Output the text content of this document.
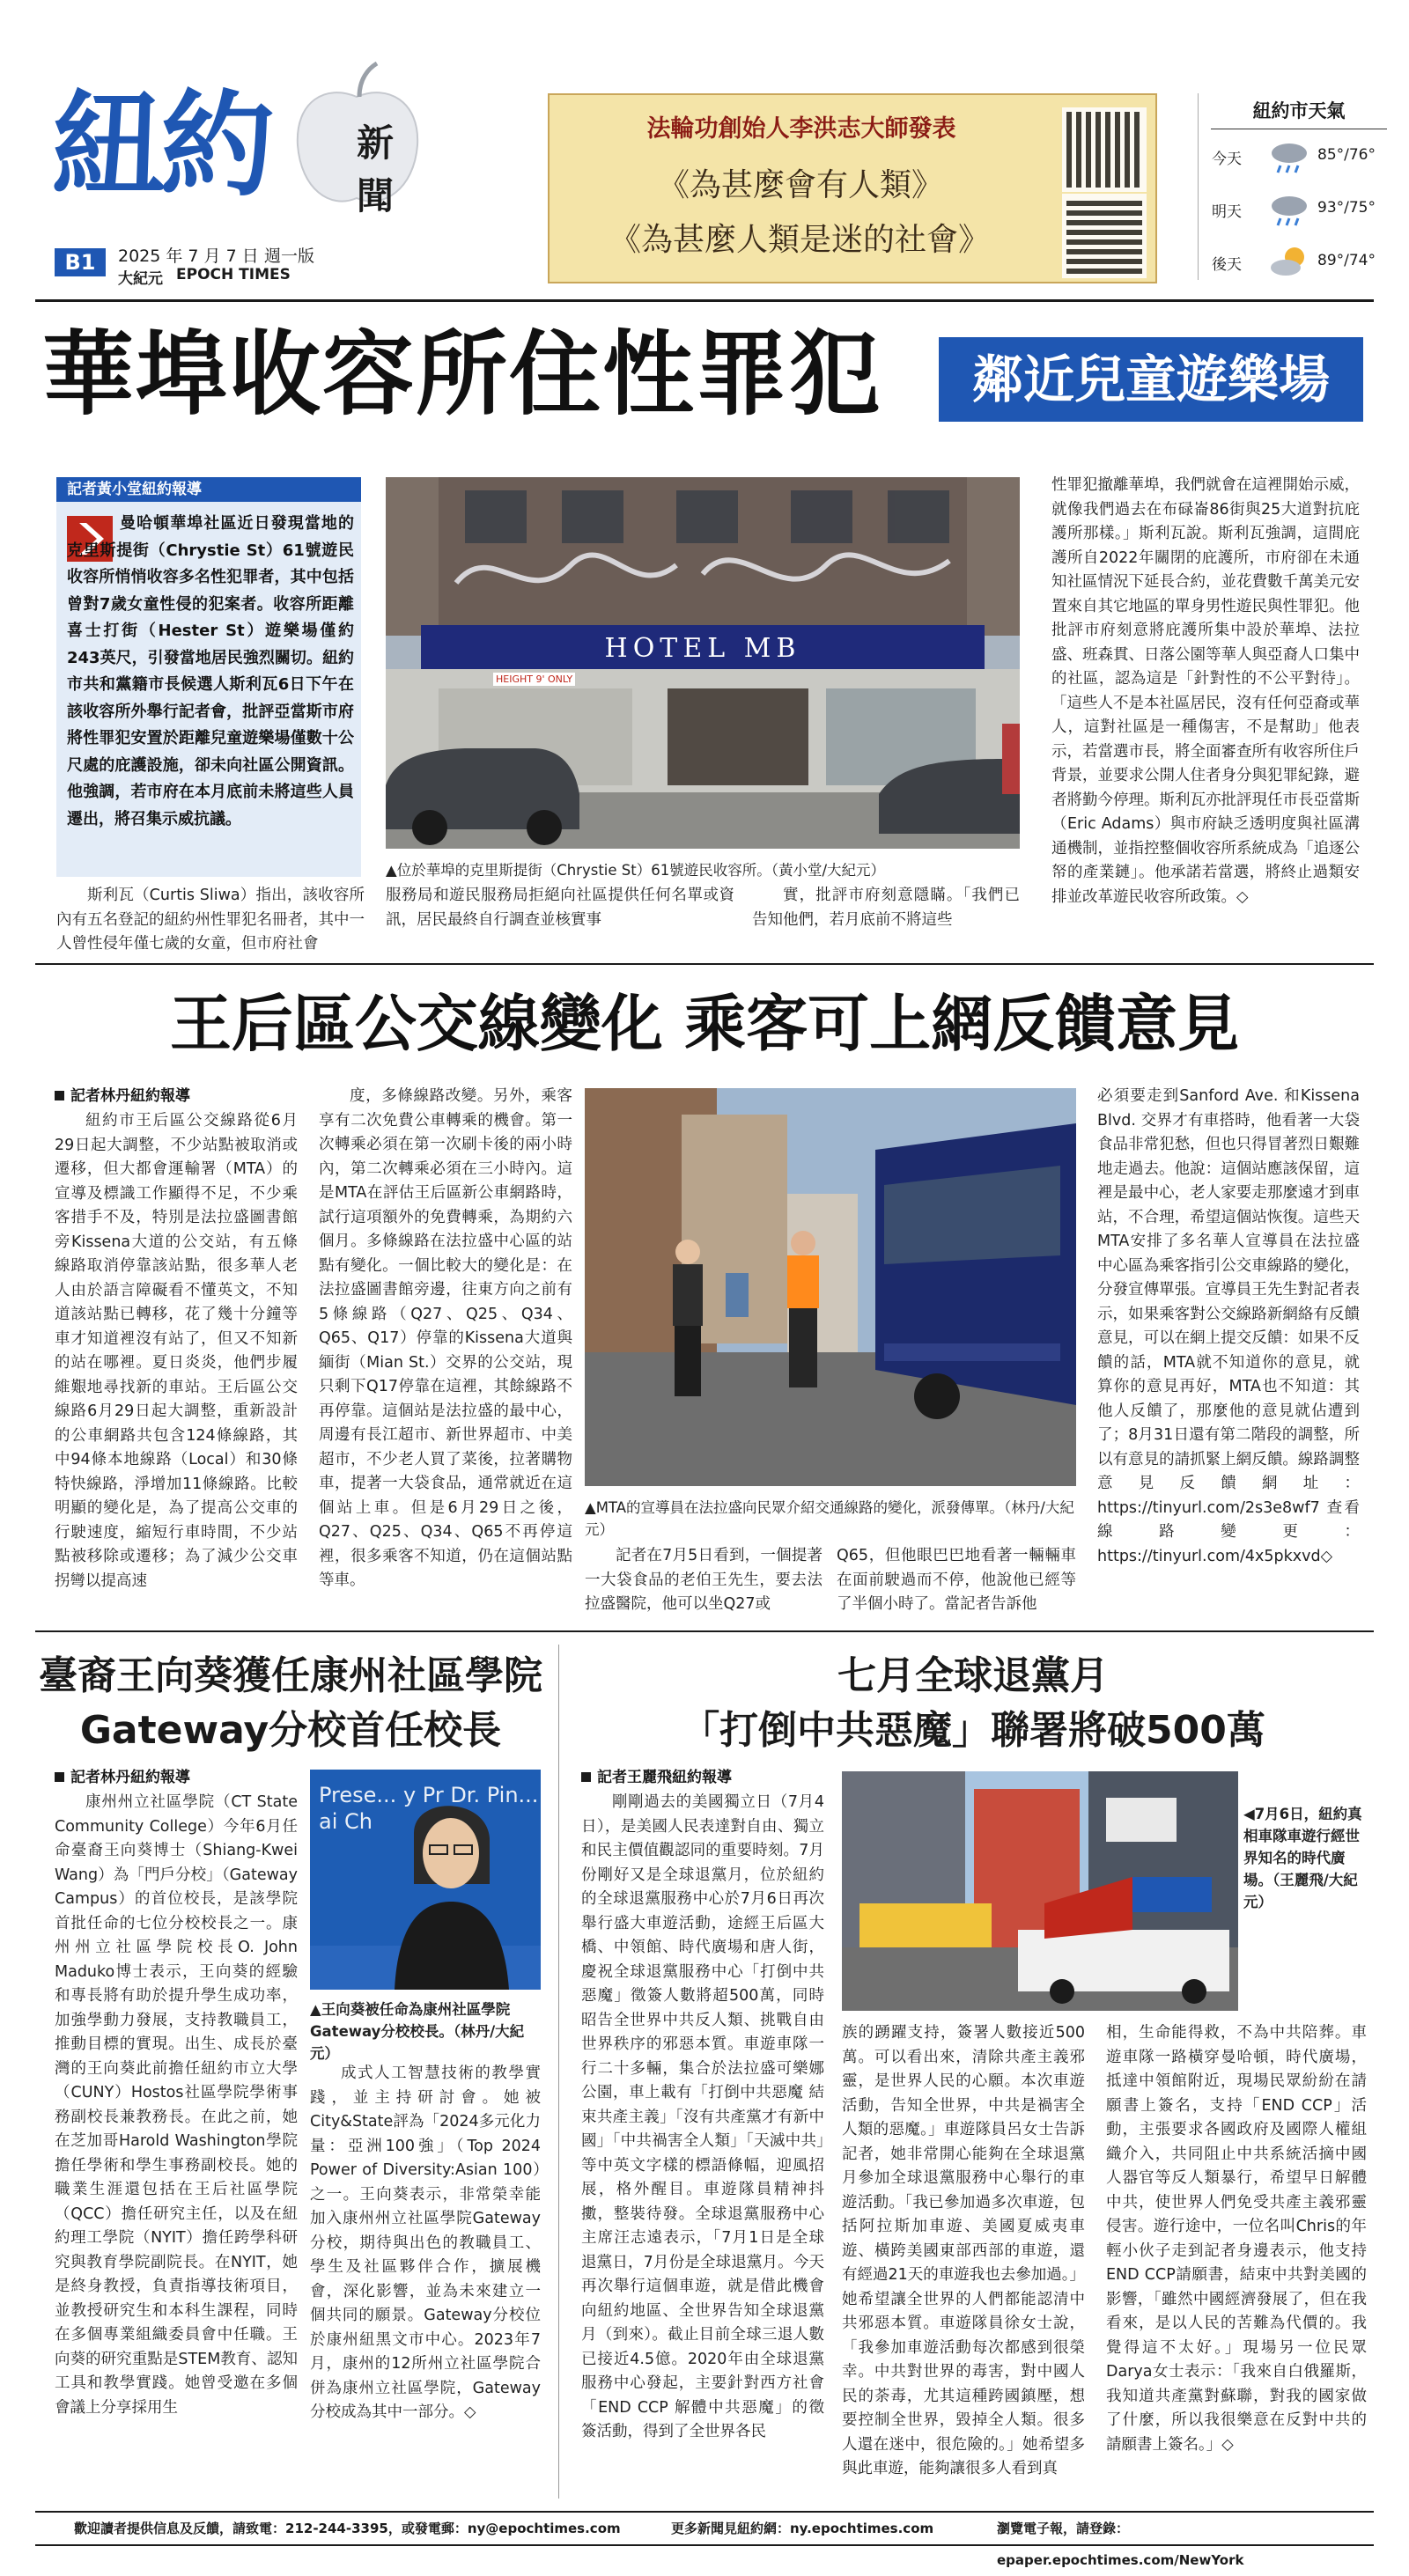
紐約 新
聞
B1	2025 年 7 月 7 日 週一版
大紀元 EPOCH TIMES
法輪功創始人李洪志大師發表
《為甚麼會有人類》
《為甚麼人類是迷的社會》
紐約市天氣
今天	85°/76°
明天	93°/75°
後天	89°/74°
華埠收容所住性罪犯	鄰近兒童遊樂場
記者黃小堂紐約報導
曼哈頓華埠社區近日發現當地的克里斯提街（Chrystie St）61號遊民收容所悄悄收容多名性犯罪者，其中包括曾對7歲女童性侵的犯案者。收容所距離喜士打街（Hester St）遊樂場僅約243英尺，引發當地居民強烈關切。紐約市共和黨籍市長候選人斯利瓦6日下午在該收容所外舉行記者會，批評亞當斯市府將性罪犯安置於距離兒童遊樂場僅數十公尺處的庇護設施，卻未向社區公開資訊。他強調，若市府在本月底前未將這些人員遷出，將召集示威抗議。
斯利瓦（Curtis Sliwa）指出，該收容所內有五名登記的紐約州性罪犯名冊者，其中一人曾性侵年僅七歲的女童，但市府社會
HOTEL MB
HEIGHT 9' ONLY
▲位於華埠的克里斯提街（Chrystie St）61號遊民收容所。（黃小堂/大紀元）
服務局和遊民服務局拒絕向社區提供任何名單或資訊，居民最終自行調查並核實事
實，批評市府刻意隱瞞。「我們已告知他們，若月底前不將這些
性罪犯撤離華埠，我們就會在這裡開始示威，就像我們過去在布碌崙86街與25大道對抗庇護所那樣。」斯利瓦說。斯利瓦強調，這間庇護所自2022年關閉的庇護所，市府卻在未通知社區情況下延長合約，並花費數千萬美元安置來自其它地區的單身男性遊民與性罪犯。他批評市府刻意將庇護所集中設於華埠、法拉盛、班森貫、日落公園等華人與亞裔人口集中的社區，認為這是「針對性的不公平對待」。「這些人不是本社區居民，沒有任何亞裔或華人，這對社區是一種傷害，不是幫助」他表示，若當選市長，將全面審查所有收容所住戶背景，並要求公開人住者身分與犯罪紀錄，避者將勤今停理。斯利瓦亦批評現任市長亞當斯（Eric Adams）與市府缺乏透明度與社區溝通機制，並指控整個收容所系統成為「追逐公帑的產業鏈」。他承諾若當選，將終止過類安排並改革遊民收容所政策。◇
王后區公交線變化 乘客可上網反饋意見
記者林丹紐約報導
紐約市王后區公交線路從6月29日起大調整，不少站點被取消或遷移，但大都會運輸署（MTA）的宣導及標識工作顯得不足，不少乘客措手不及，特別是法拉盛圖書館旁Kissena大道的公交站，有五條線路取消停靠該站點，很多華人老人由於語言障礙看不懂英文，不知道該站點已轉移，花了幾十分鐘等車才知道裡沒有站了，但又不知新的站在哪裡。夏日炎炎，他們步履維艱地尋找新的車站。王后區公交線路6月29日起大調整，重新設計的公車網路共包含124條線路，其中94條本地線路（Local）和30條特快線路，淨增加11條線路。比較明顯的變化是，為了提高公交車的行駛速度，縮短行車時間，不少站點被移除或遷移；為了減少公交車拐彎以提高速
度，多條線路改變。另外，乘客享有二次免費公車轉乘的機會。第一次轉乘必須在第一次刷卡後的兩小時內，第二次轉乘必須在三小時內。這是MTA在評估王后區新公車網路時，試行這項額外的免費轉乘，為期約六個月。多條線路在法拉盛中心區的站點有變化。一個比較大的變化是：在法拉盛圖書館旁邊，往東方向之前有5條線路（Q27、Q25、Q34、Q65、Q17）停靠的Kissena大道與緬街（Mian St.）交界的公交站，現只剩下Q17停靠在這裡，其餘線路不再停靠。這個站是法拉盛的最中心，周邊有長江超市、新世界超市、中美超市，不少老人買了菜後，拉著購物車，提著一大袋食品，通常就近在這個站上車。但是6月29日之後，Q27、Q25、Q34、Q65不再停這裡，很多乘客不知道，仍在這個站點等車。
▲MTA的宣導員在法拉盛向民眾介紹交通線路的變化，派發傳單。（林丹/大紀元）
記者在7月5日看到，一個提著一大袋食品的老伯王先生，要去法拉盛醫院，他可以坐Q27或
Q65，但他眼巴巴地看著一輛輛車在面前駛過而不停，他說他已經等了半個小時了。當記者告訴他
必須要走到Sanford Ave. 和Kissena Blvd. 交界才有車搭時，他看著一大袋食品非常犯愁，但也只得冒著烈日艱難地走過去。他說：這個站應該保留，這裡是最中心，老人家要走那麼遠才到車站，不合理，希望這個站恢復。這些天MTA安排了多名華人宣導員在法拉盛中心區為乘客指引公交車線路的變化，分發宣傳單張。宣導員王先生對記者表示，如果乘客對公交線路新網絡有反饋意見，可以在網上提交反饋：如果不反饋的話，MTA就不知道你的意見，就算你的意見再好，MTA也不知道：其他人反饋了，那麼他的意見就佔遭到了；8月31日還有第二階段的調整，所以有意見的請抓緊上網反饋。線路調整意見反饋網址：https://tinyurl.com/2s3e8wf7 查看線路變更：https://tinyurl.com/4x5pkxvd◇
臺裔王向葵獲任康州社區學院
Gateway分校首任校長
記者林丹紐約報導
康州州立社區學院（CT State Community College）今年6月任命臺裔王向葵博士（Shiang-Kwei Wang）為「門戶分校」（Gateway Campus）的首位校長，是該學院首批任命的七位分校校長之一。康州州立社區學院校長O. John Maduko博士表示，王向葵的經驗和專長將有助於提升學生成功率，加強學動力發展，支持教職員工，推動目標的實現。出生、成長於臺灣的王向葵此前擔任紐約市立大學（CUNY）Hostos社區學院學術事務副校長兼教務長。在此之前，她在芝加哥Harold Washington學院擔任學術和學生事務副校長。她的職業生涯還包括在王后社區學院（QCC）擔任研究主任，以及在紐約理工學院（NYIT）擔任跨學科研究與教育學院副院長。在NYIT，她是終身教授，負責指導技術項目，並教授研究生和本科生課程，同時在多個專業組織委員會中任職。王向葵的研究重點是STEM教育、認知工具和教學實踐。她曾受邀在多個會議上分享採用生
Prese... y Pr Dr. Pin... ai Ch
▲王向葵被任命為康州社區學院Gateway分校校長。（林丹/大紀元）
成式人工智慧技術的教學實踐，並主持研討會。她被City&State評為「2024多元化力量：亞洲100強」（Top 2024 Power of Diversity:Asian 100）之一。王向葵表示，非常榮幸能加入康州州立社區學院Gateway分校，期待與出色的教職員工、學生及社區夥伴合作，擴展機會，深化影響，並為未來建立一個共同的願景。Gateway分校位於康州紐黑文市中心。2023年7月，康州的12所州立社區學院合併為康州立社區學院，Gateway分校成為其中一部分。◇
七月全球退黨月
「打倒中共惡魔」聯署將破500萬
記者王麗飛紐約報導
剛剛過去的美國獨立日（7月4日），是美國人民表達對自由、獨立和民主價值觀認同的重要時刻。7月份剛好又是全球退黨月，位於紐約的全球退黨服務中心於7月6日再次舉行盛大車遊活動，途經王后區大橋、中領館、時代廣場和唐人街，慶祝全球退黨服務中心「打倒中共惡魔」徵簽人數將超500萬，同時昭告全世界中共反人類、挑戰自由世界秩序的邪惡本質。車遊車隊一行二十多輛，集合於法拉盛可樂娜公園，車上載有「打倒中共惡魔 結束共產主義」「沒有共產黨才有新中國」「中共禍害全人類」「天滅中共」等中英文字樣的標語條幅，迎風招展，格外醒目。車遊隊員精神抖擻，整裝待發。全球退黨服務中心主席汪志遠表示，「7月1日是全球退黨日，7月份是全球退黨月。今天再次舉行這個車遊，就是借此機會向紐約地區、全世界告知全球退黨月（到來）。截止目前全球三退人數已接近4.5億。2020年由全球退黨服務中心發起，主要針對西方社會「END CCP 解體中共惡魔」的徵簽活動，得到了全世界各民
◀7月6日，紐約真相車隊車遊行經世界知名的時代廣場。（王麗飛/大紀元）
族的踴躍支持，簽署人數接近500萬。可以看出來，清除共產主義邪靈，是世界人民的心願。本次車遊活動，告知全世界，中共是禍害全人類的惡魔。」車遊隊員呂女士告訴記者，她非常開心能夠在全球退黨月參加全球退黨服務中心舉行的車遊活動。「我已參加過多次車遊，包括阿拉斯加車遊、美國夏威夷車遊、橫跨美國東部西部的車遊，還有經過21天的車遊我也去參加過。」她希望讓全世界的人們都能認清中共邪惡本質。車遊隊員徐女士說，「我參加車遊活動每次都感到很榮幸。中共對世界的毒害，對中國人民的荼毒，尤其這種跨國鎮壓，想要控制全世界，毀掉全人類。很多人還在迷中，很危險的。」她希望多與此車遊，能夠讓很多人看到真
相，生命能得救，不為中共陪葬。車遊車隊一路橫穿曼哈頓，時代廣場，抵達中領館附近，現場民眾紛紛在請願書上簽名，支持「END CCP」活動，主張要求各國政府及國際人權組織介入，共同阻止中共系統活摘中國人器官等反人類暴行，希望早日解體中共，使世界人們免受共產主義邪靈侵害。遊行途中，一位名叫Chris的年輕小伙子走到記者身邊表示，他支持END CCP請願書，結束中共對美國的影響，「雖然中國經濟發展了，但在我看來，是以人民的苦難為代價的。我覺得這不太好。」現場另一位民眾Darya女士表示：「我來自白俄羅斯，我知道共產黨對蘇聯，對我的國家做了什麼，所以我很樂意在反對中共的請願書上簽名。」◇
歡迎讀者提供信息及反饋，請致電：212-244-3395，或發電郵：ny@epochtimes.com	更多新聞見紐約網：ny.epochtimes.com	瀏覽電子報，請登錄：epaper.epochtimes.com/NewYork
